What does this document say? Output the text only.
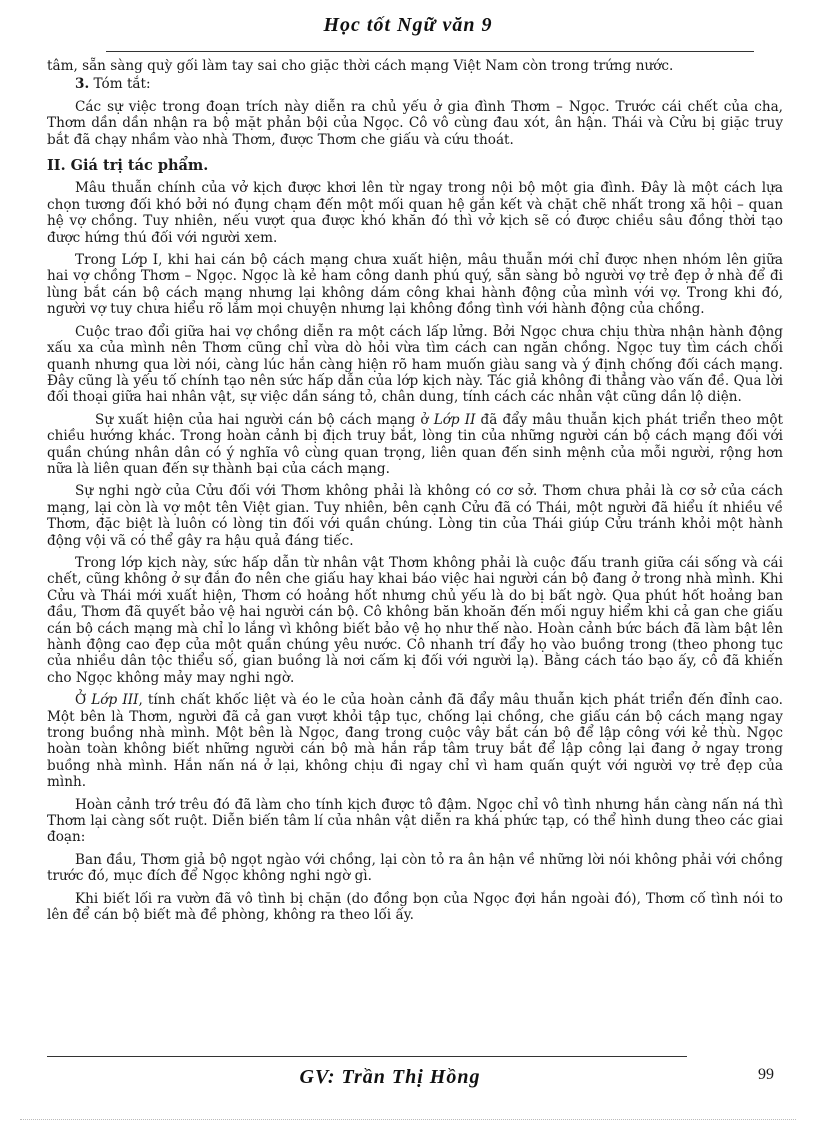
Học tốt Ngữ văn 9

tâm, sẵn sàng quỳ gối làm tay sai cho giặc thời cách mạng Việt Nam còn trong trứng nước.

3. Tóm tắt:

Các sự việc trong đoạn trích này diễn ra chủ yếu ở gia đình Thơm – Ngọc. Trước cái chết của cha, Thơm dần dần nhận ra bộ mặt phản bội của Ngọc. Cô vô cùng đau xót, ân hận. Thái và Cửu bị giặc truy bắt đã chạy nhầm vào nhà Thơm, được Thơm che giấu và cứu thoát.

II. Giá trị tác phẩm.

Mâu thuẫn chính của vở kịch được khơi lên từ ngay trong nội bộ một gia đình. Đây là một cách lựa chọn tương đối khó bởi nó đụng chạm đến một mối quan hệ gắn kết và chặt chẽ nhất trong xã hội – quan hệ vợ chồng. Tuy nhiên, nếu vượt qua được khó khăn đó thì vở kịch sẽ có được chiều sâu đồng thời tạo được hứng thú đối với người xem.

Trong Lớp I, khi hai cán bộ cách mạng chưa xuất hiện, mâu thuẫn mới chỉ được nhen nhóm lên giữa hai vợ chồng Thơm – Ngọc. Ngọc là kẻ ham công danh phú quý, sẵn sàng bỏ người vợ trẻ đẹp ở nhà để đi lùng bắt cán bộ cách mạng nhưng lại không dám công khai hành động của mình với vợ. Trong khi đó, người vợ tuy chưa hiểu rõ lắm mọi chuyện nhưng lại không đồng tình với hành động của chồng.

Cuộc trao đổi giữa hai vợ chồng diễn ra một cách lấp lửng. Bởi Ngọc chưa chịu thừa nhận hành động xấu xa của mình nên Thơm cũng chỉ vừa dò hỏi vừa tìm cách can ngăn chồng. Ngọc tuy tìm cách chối quanh nhưng qua lời nói, càng lúc hắn càng hiện rõ ham muốn giàu sang và ý định chống đối cách mạng. Đây cũng là yếu tố chính tạo nên sức hấp dẫn của lớp kịch này. Tác giả không đi thẳng vào vấn đề. Qua lời đối thoại giữa hai nhân vật, sự việc dần sáng tỏ, chân dung, tính cách các nhân vật cũng dần lộ diện.

Sự xuất hiện của hai người cán bộ cách mạng ở Lớp II đã đẩy mâu thuẫn kịch phát triển theo một chiều hướng khác. Trong hoàn cảnh bị địch truy bắt, lòng tin của những người cán bộ cách mạng đối với quần chúng nhân dân có ý nghĩa vô cùng quan trọng, liên quan đến sinh mệnh của mỗi người, rộng hơn nữa là liên quan đến sự thành bại của cách mạng.

Sự nghi ngờ của Cửu đối với Thơm không phải là không có cơ sở. Thơm chưa phải là cơ sở của cách mạng, lại còn là vợ một tên Việt gian. Tuy nhiên, bên cạnh Cửu đã có Thái, một người đã hiểu ít nhiều về Thơm, đặc biệt là luôn có lòng tin đối với quần chúng. Lòng tin của Thái giúp Cửu tránh khỏi một hành động vội vã có thể gây ra hậu quả đáng tiếc.

Trong lớp kịch này, sức hấp dẫn từ nhân vật Thơm không phải là cuộc đấu tranh giữa cái sống và cái chết, cũng không ở sự đắn đo nên che giấu hay khai báo việc hai người cán bộ đang ở trong nhà mình. Khi Cửu và Thái mới xuất hiện, Thơm có hoảng hốt nhưng chủ yếu là do bị bất ngờ. Qua phút hốt hoảng ban đầu, Thơm đã quyết bảo vệ hai người cán bộ. Cô không băn khoăn đến mối nguy hiểm khi cả gan che giấu cán bộ cách mạng mà chỉ lo lắng vì không biết bảo vệ họ như thế nào. Hoàn cảnh bức bách đã làm bật lên hành động cao đẹp của một quần chúng yêu nước. Cô nhanh trí đẩy họ vào buồng trong (theo phong tục của nhiều dân tộc thiểu số, gian buồng là nơi cấm kị đối với người lạ). Bằng cách táo bạo ấy, cô đã khiến cho Ngọc không mảy may nghi ngờ.

Ở Lớp III, tính chất khốc liệt và éo le của hoàn cảnh đã đẩy mâu thuẫn kịch phát triển đến đỉnh cao. Một bên là Thơm, người đã cả gan vượt khỏi tập tục, chống lại chồng, che giấu cán bộ cách mạng ngay trong buồng nhà mình. Một bên là Ngọc, đang trong cuộc vây bắt cán bộ để lập công với kẻ thù. Ngọc hoàn toàn không biết những người cán bộ mà hắn rắp tâm truy bắt để lập công lại đang ở ngay trong buồng nhà mình. Hắn nấn ná ở lại, không chịu đi ngay chỉ vì ham quấn quýt với người vợ trẻ đẹp của mình.

Hoàn cảnh trớ trêu đó đã làm cho tính kịch được tô đậm. Ngọc chỉ vô tình nhưng hắn càng nấn ná thì Thơm lại càng sốt ruột. Diễn biến tâm lí của nhân vật diễn ra khá phức tạp, có thể hình dung theo các giai đoạn:

Ban đầu, Thơm giả bộ ngọt ngào với chồng, lại còn tỏ ra ân hận về những lời nói không phải với chồng trước đó, mục đích để Ngọc không nghi ngờ gì.

Khi biết lối ra vườn đã vô tình bị chặn (do đồng bọn của Ngọc đợi hắn ngoài đó), Thơm cố tình nói to lên để cán bộ biết mà đề phòng, không ra theo lối ấy.

GV: Trần Thị Hồng	99
